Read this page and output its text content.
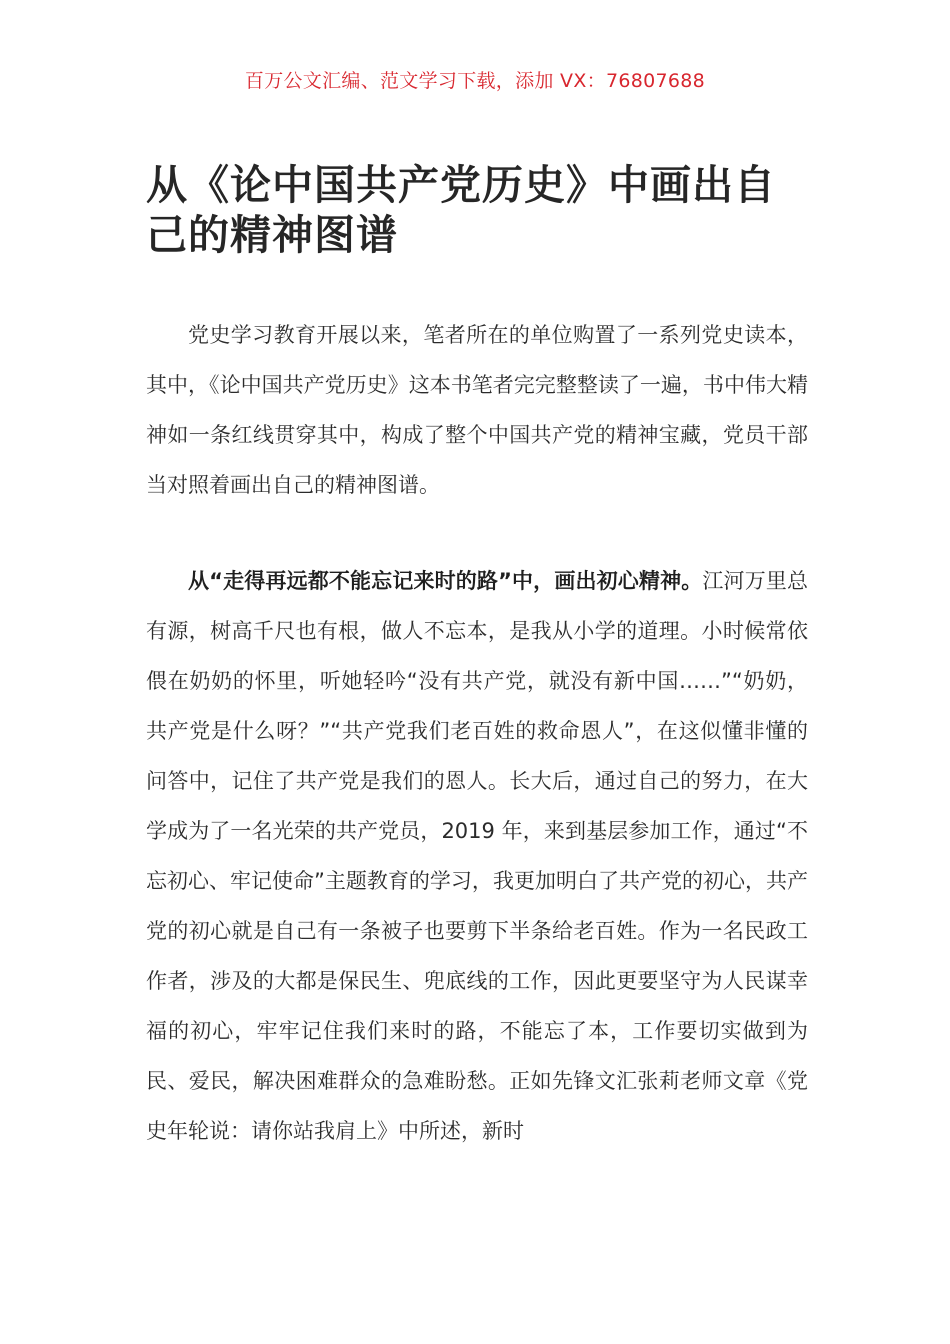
百万公文汇编、范文学习下载，添加 VX：76807688
从《论中国共产党历史》中画出自己的精神图谱

党史学习教育开展以来，笔者所在的单位购置了一系列党史读本，其中，《论中国共产党历史》这本书笔者完完整整读了一遍，书中伟大精神如一条红线贯穿其中，构成了整个中国共产党的精神宝藏，党员干部当对照着画出自己的精神图谱。

从“走得再远都不能忘记来时的路”中，画出初心精神。江河万里总有源，树高千尺也有根，做人不忘本，是我从小学的道理。小时候常依偎在奶奶的怀里，听她轻吟“没有共产党，就没有新中国……”“奶奶，共产党是什么呀？”“共产党我们老百姓的救命恩人”，在这似懂非懂的问答中，记住了共产党是我们的恩人。长大后，通过自己的努力，在大学成为了一名光荣的共产党员，2019 年，来到基层参加工作，通过“不忘初心、牢记使命”主题教育的学习，我更加明白了共产党的初心，共产党的初心就是自己有一条被子也要剪下半条给老百姓。作为一名民政工作者，涉及的大都是保民生、兜底线的工作，因此更要坚守为人民谋幸福的初心，牢牢记住我们来时的路，不能忘了本，工作要切实做到为民、爱民，解决困难群众的急难盼愁。正如先锋文汇张莉老师文章《党史年轮说：请你站我肩上》中所述，新时
